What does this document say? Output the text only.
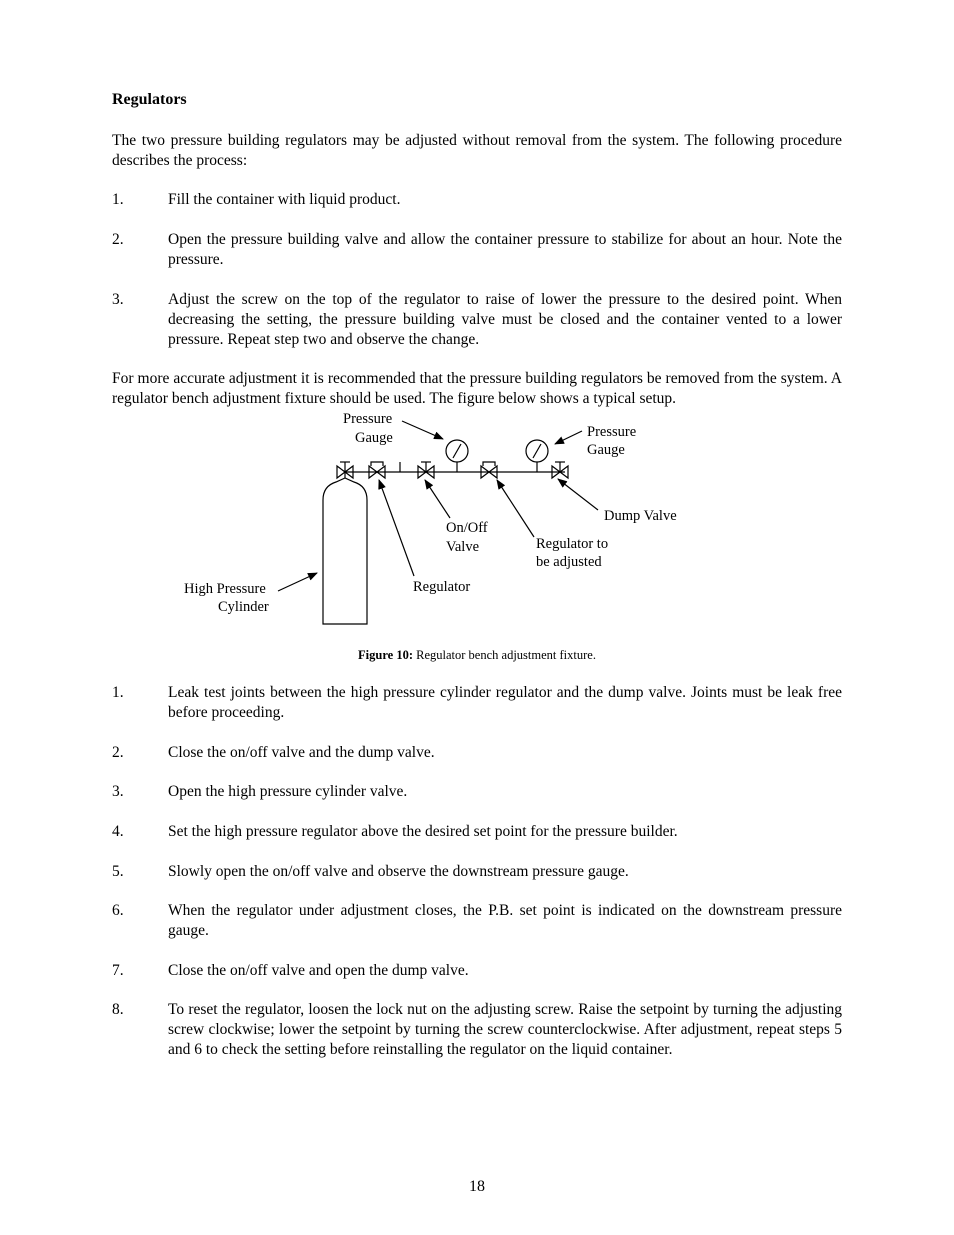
Regulators
The two pressure building regulators may be adjusted without removal from the system. The following procedure describes the process:
1.	Fill the container with liquid product.
2.	Open the pressure building valve and allow the container pressure to stabilize for about an hour. Note the pressure.
3.	Adjust the screw on the top of the regulator to raise of lower the pressure to the desired point. When decreasing the setting, the pressure building valve must be closed and the container vented to a lower pressure. Repeat step two and observe the change.
For more accurate adjustment it is recommended that the pressure building regulators be removed from the system. A regulator bench adjustment fixture should be used. The figure below shows a typical setup.
Pressure
Gauge	Pressure
Gauge
Dump Valve
On/Off
Valve	Regulator to
be adjusted
Regulator
High Pressure
Cylinder
Figure 10: Regulator bench adjustment fixture.
1.	Leak test joints between the high pressure cylinder regulator and the dump valve. Joints must be leak free before proceeding.
2.	Close the on/off valve and the dump valve.
3.	Open the high pressure cylinder valve.
4.	Set the high pressure regulator above the desired set point for the pressure builder.
5.	Slowly open the on/off valve and observe the downstream pressure gauge.
6.	When the regulator under adjustment closes, the P.B. set point is indicated on the downstream pressure gauge.
7.	Close the on/off valve and open the dump valve.
8.	To reset the regulator, loosen the lock nut on the adjusting screw. Raise the setpoint by turning the adjusting screw clockwise; lower the setpoint by turning the screw counterclockwise. After adjustment, repeat steps 5 and 6 to check the setting before reinstalling the regulator on the liquid container.
18
